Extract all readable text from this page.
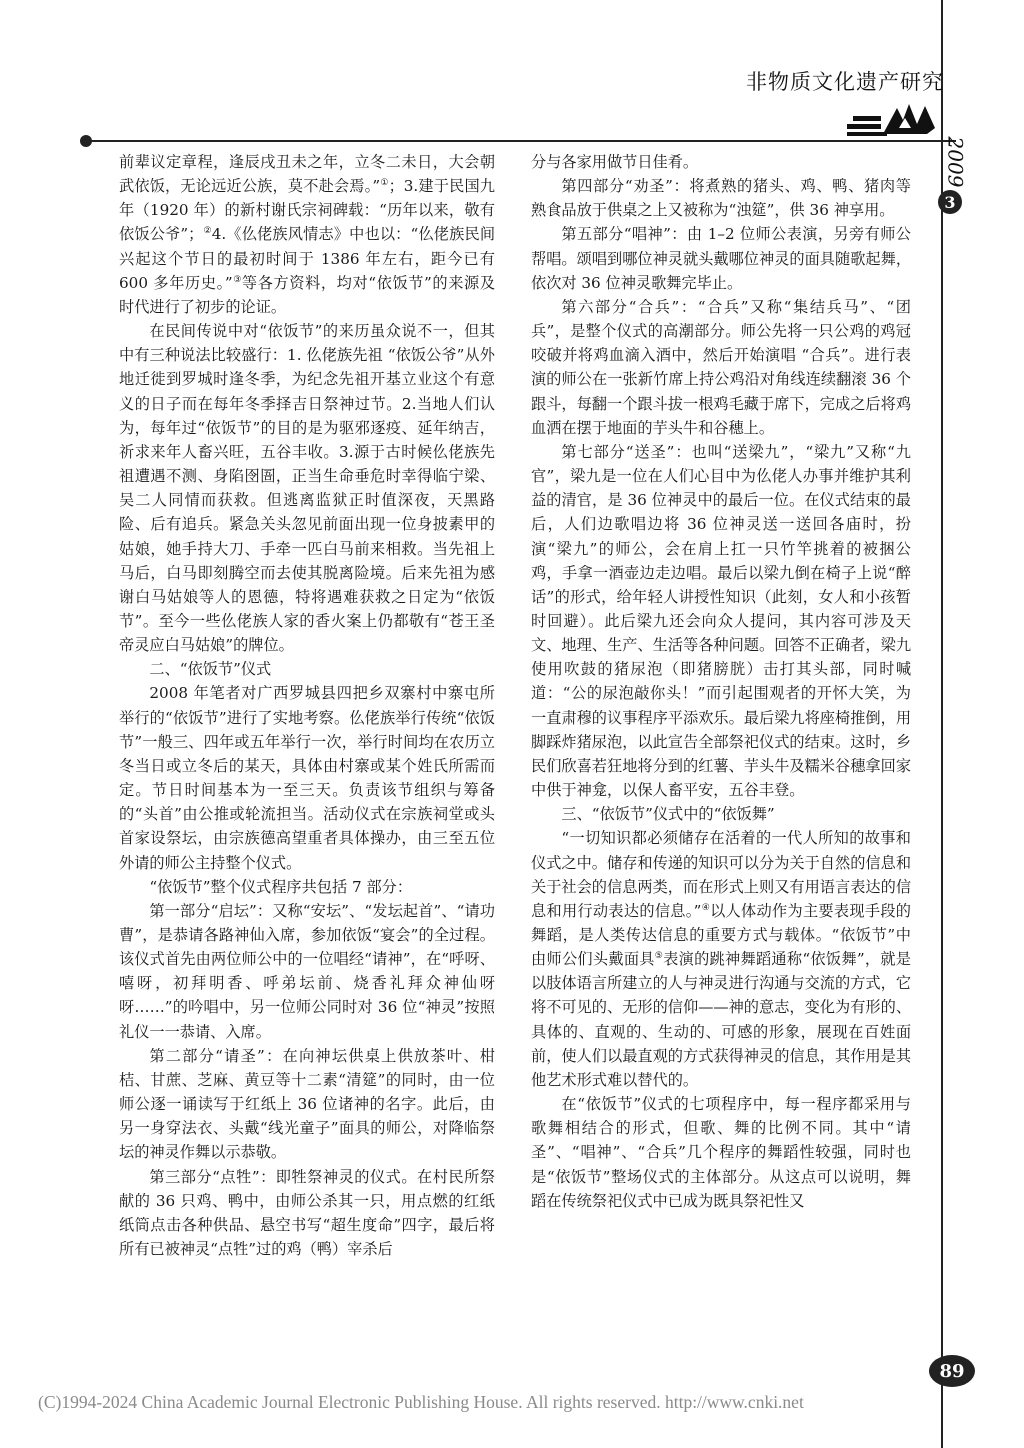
非物质文化遗产研究
2009
3

前辈议定章程，逢辰戌丑未之年，立冬二未日，大会朝武依饭，无论远近公族，莫不赴会焉。”①；3.建于民国九年（1920 年）的新村谢氏宗祠碑载：“历年以来，敬有依饭公爷”；②4.《仫佬族风情志》中也以：“仫佬族民间兴起这个节日的最初时间于 1386 年左右，距今已有 600 多年历史。”③等各方资料，均对“依饭节”的来源及时代进行了初步的论证。

在民间传说中对“依饭节”的来历虽众说不一，但其中有三种说法比较盛行：1. 仫佬族先祖 “依饭公爷”从外地迁徙到罗城时逢冬季，为纪念先祖开基立业这个有意义的日子而在每年冬季择吉日祭神过节。2.当地人们认为，每年过“依饭节”的目的是为驱邪逐疫、延年纳吉，祈求来年人畜兴旺，五谷丰收。3.源于古时候仫佬族先祖遭遇不测、身陷囹圄，正当生命垂危时幸得临宁梁、吴二人同情而获救。但逃离监狱正时值深夜，天黑路险、后有追兵。紧急关头忽见前面出现一位身披素甲的姑娘，她手持大刀、手牵一匹白马前来相救。当先祖上马后，白马即刻腾空而去使其脱离险境。后来先祖为感谢白马姑娘等人的恩德，特将遇难获救之日定为“依饭节”。至今一些仫佬族人家的香火案上仍都敬有“苍王圣帝灵应白马姑娘”的牌位。

二、“依饭节”仪式

2008 年笔者对广西罗城县四把乡双寨村中寨屯所举行的“依饭节”进行了实地考察。仫佬族举行传统“依饭节”一般三、四年或五年举行一次，举行时间均在农历立冬当日或立冬后的某天，具体由村寨或某个姓氏所需而定。节日时间基本为一至三天。负责该节组织与筹备的“头首”由公推或轮流担当。活动仪式在宗族祠堂或头首家设祭坛，由宗族德高望重者具体操办，由三至五位外请的师公主持整个仪式。

“依饭节”整个仪式程序共包括 7 部分：

第一部分“启坛”：又称“安坛”、“发坛起首”、“请功曹”，是恭请各路神仙入席，参加依饭“宴会”的全过程。该仪式首先由两位师公中的一位唱经“请神”，在“呼呀、嘻呀，初拜明香、呼弟坛前、烧香礼拜众神仙呀呀……”的吟唱中，另一位师公同时对 36 位“神灵”按照礼仪一一恭请、入席。

第二部分“请圣”：在向神坛供桌上供放茶叶、柑桔、甘蔗、芝麻、黄豆等十二素“清筵”的同时，由一位师公逐一诵读写于红纸上 36 位诸神的名字。此后，由另一身穿法衣、头戴“线光童子”面具的师公，对降临祭坛的神灵作舞以示恭敬。

第三部分“点牲”：即牲祭神灵的仪式。在村民所祭献的 36 只鸡、鸭中，由师公杀其一只，用点燃的红纸纸筒点击各种供品、悬空书写“超生度命”四字，最后将所有已被神灵“点牲”过的鸡（鸭）宰杀后

分与各家用做节日佳肴。

第四部分“劝圣”：将煮熟的猪头、鸡、鸭、猪肉等熟食品放于供桌之上又被称为“浊筵”，供 36 神享用。

第五部分“唱神”：由 1–2 位师公表演，另旁有师公帮唱。颂唱到哪位神灵就头戴哪位神灵的面具随歌起舞，依次对 36 位神灵歌舞完毕止。

第六部分“合兵”：“合兵”又称“集结兵马”、“团兵”，是整个仪式的高潮部分。师公先将一只公鸡的鸡冠咬破并将鸡血滴入酒中，然后开始演唱 “合兵”。进行表演的师公在一张新竹席上持公鸡沿对角线连续翻滚 36 个跟斗，每翻一个跟斗拔一根鸡毛藏于席下，完成之后将鸡血洒在摆于地面的芋头牛和谷穗上。

第七部分“送圣”：也叫“送梁九”，“梁九”又称“九官”，梁九是一位在人们心目中为仫佬人办事并维护其利益的清官，是 36 位神灵中的最后一位。在仪式结束的最后，人们边歌唱边将 36 位神灵送一送回各庙时，扮演“梁九”的师公，会在肩上扛一只竹竿挑着的被捆公鸡，手拿一酒壶边走边唱。最后以梁九倒在椅子上说“醉话”的形式，给年轻人讲授性知识（此刻，女人和小孩暂时回避）。此后梁九还会向众人提问，其内容可涉及天文、地理、生产、生活等各种问题。回答不正确者，梁九使用吹鼓的猪尿泡（即猪膀胱）击打其头部，同时喊道：“公的尿泡敲你头！”而引起围观者的开怀大笑，为一直肃穆的议事程序平添欢乐。最后梁九将座椅推倒，用脚踩炸猪尿泡，以此宣告全部祭祀仪式的结束。这时，乡民们欣喜若狂地将分到的红薯、芋头牛及糯米谷穗拿回家中供于神龛，以保人畜平安，五谷丰登。

三、“依饭节”仪式中的“依饭舞”

“一切知识都必须储存在活着的一代人所知的故事和仪式之中。储存和传递的知识可以分为关于自然的信息和关于社会的信息两类，而在形式上则又有用语言表达的信息和用行动表达的信息。”④以人体动作为主要表现手段的舞蹈，是人类传达信息的重要方式与载体。“依饭节”中由师公们头戴面具⑤表演的跳神舞蹈通称“依饭舞”，就是以肢体语言所建立的人与神灵进行沟通与交流的方式，它将不可见的、无形的信仰——神的意志，变化为有形的、具体的、直观的、生动的、可感的形象，展现在百姓面前，使人们以最直观的方式获得神灵的信息，其作用是其他艺术形式难以替代的。

在“依饭节”仪式的七项程序中，每一程序都采用与歌舞相结合的形式，但歌、舞的比例不同。其中“请圣”、“唱神”、“合兵”几个程序的舞蹈性较强，同时也是“依饭节”整场仪式的主体部分。从这点可以说明，舞蹈在传统祭祀仪式中已成为既具祭祀性又

89
(C)1994-2024 China Academic Journal Electronic Publishing House. All rights reserved. http://www.cnki.net
